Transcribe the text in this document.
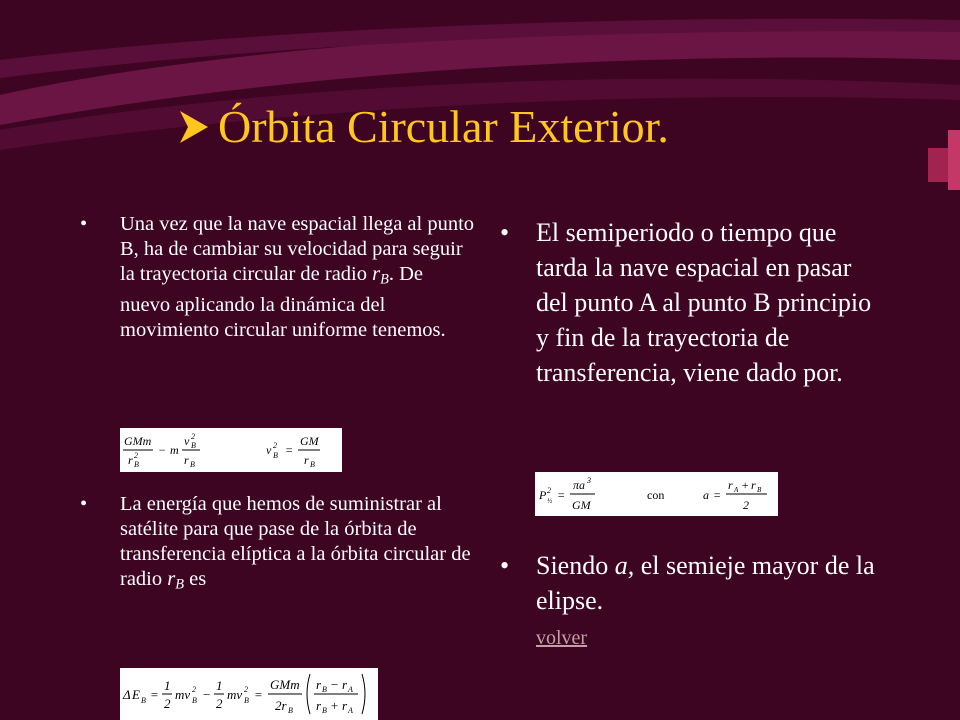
Órbita Circular Exterior.
• Una vez que la nave espacial llega al punto B, ha de cambiar su velocidad para seguir la trayectoria circular de radio $r_B$. De nuevo aplicando la dinámica del movimiento circular uniforme tenemos.
GMm
r B
2 − m
v 2
B
r B
v 2
B =
GM
r B
• La energía que hemos de suministrar al satélite para que pase de la órbita de transferencia elíptica a la órbita circular de radio $r_B$ es
Δ E B =
1
2
mv 2
B −
1
2
mv 2
B =
GMm
2r B
r B − r A
r B + r A
• El semiperiodo o tiempo que tarda la nave espacial en pasar del punto A al punto B principio y fin de la trayectoria de transferencia, viene dado por.
P 2
½ =
πa 3
GM
con	a =
r A + r B
2
• Siendo a, el semieje mayor de la elipse.
volver
